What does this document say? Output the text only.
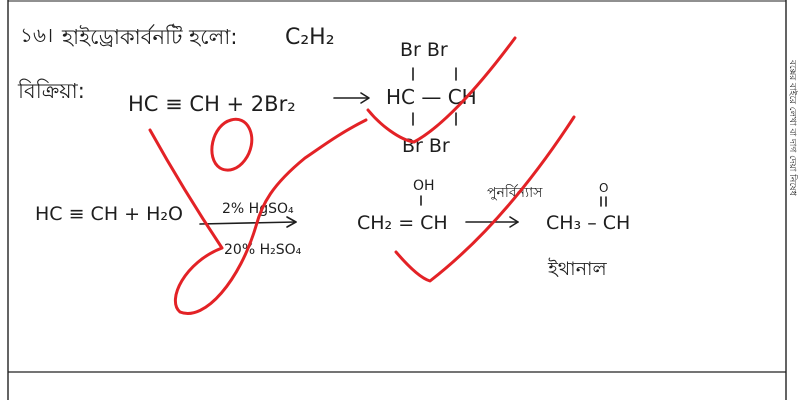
১৬। হাইড্রোকার্বনটি হলো: C₂H₂
বিক্রিয়া:
HC ≡ CH + 2Br₂
Br Br
HC — CH
Br Br
HC ≡ CH + H₂O	2% HgSO₄
20% H₂SO₄
OH
CH₂ = CH
পুনর্বিন্যাস	O
CH₃ – CH
ইথানাল
বক্সের বাইরে লেখা বা দাগ দেয়া নিষেধ
